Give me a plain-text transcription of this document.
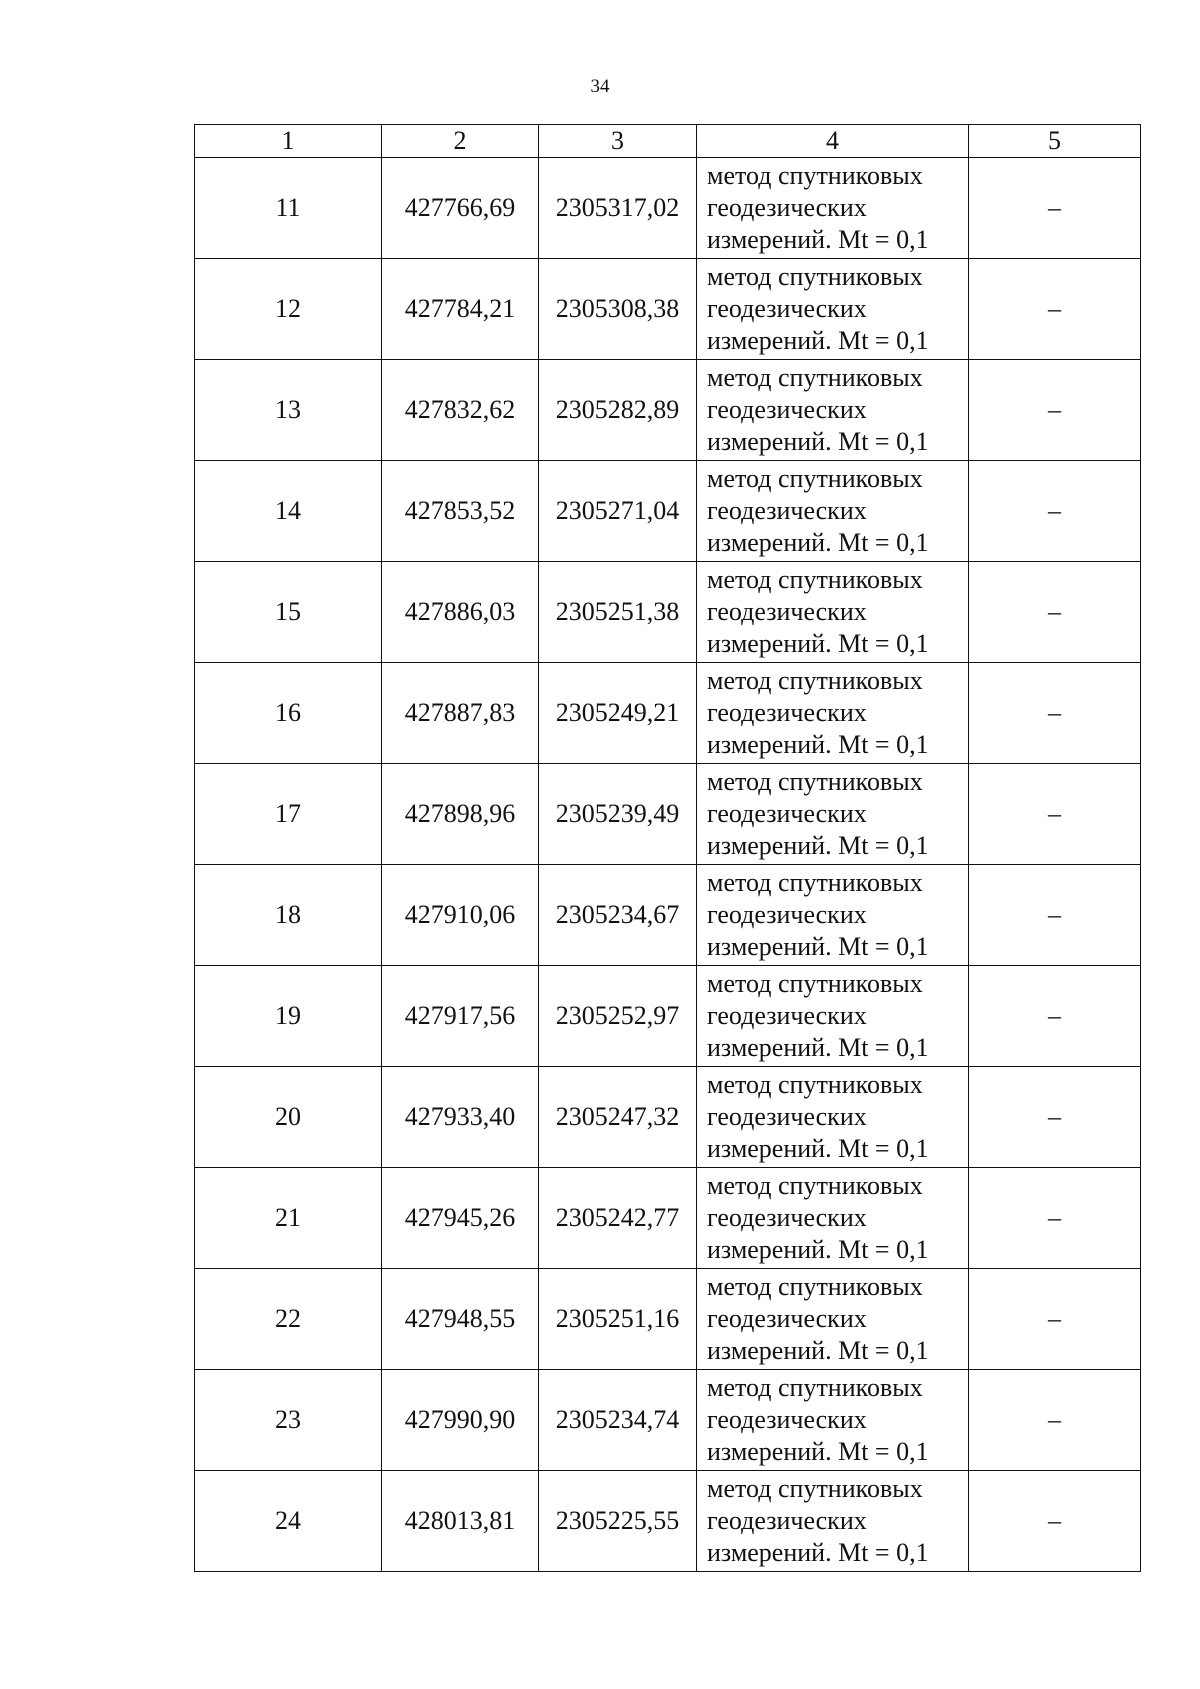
34
1	2	3	4	5
11	427766,69	2305317,02	метод спутниковых
геодезических
измерений. Mt = 0,1	–
12	427784,21	2305308,38	метод спутниковых
геодезических
измерений. Mt = 0,1	–
13	427832,62	2305282,89	метод спутниковых
геодезических
измерений. Mt = 0,1	–
14	427853,52	2305271,04	метод спутниковых
геодезических
измерений. Mt = 0,1	–
15	427886,03	2305251,38	метод спутниковых
геодезических
измерений. Mt = 0,1	–
16	427887,83	2305249,21	метод спутниковых
геодезических
измерений. Mt = 0,1	–
17	427898,96	2305239,49	метод спутниковых
геодезических
измерений. Mt = 0,1	–
18	427910,06	2305234,67	метод спутниковых
геодезических
измерений. Mt = 0,1	–
19	427917,56	2305252,97	метод спутниковых
геодезических
измерений. Mt = 0,1	–
20	427933,40	2305247,32	метод спутниковых
геодезических
измерений. Mt = 0,1	–
21	427945,26	2305242,77	метод спутниковых
геодезических
измерений. Mt = 0,1	–
22	427948,55	2305251,16	метод спутниковых
геодезических
измерений. Mt = 0,1	–
23	427990,90	2305234,74	метод спутниковых
геодезических
измерений. Mt = 0,1	–
24	428013,81	2305225,55	метод спутниковых
геодезических
измерений. Mt = 0,1	–
